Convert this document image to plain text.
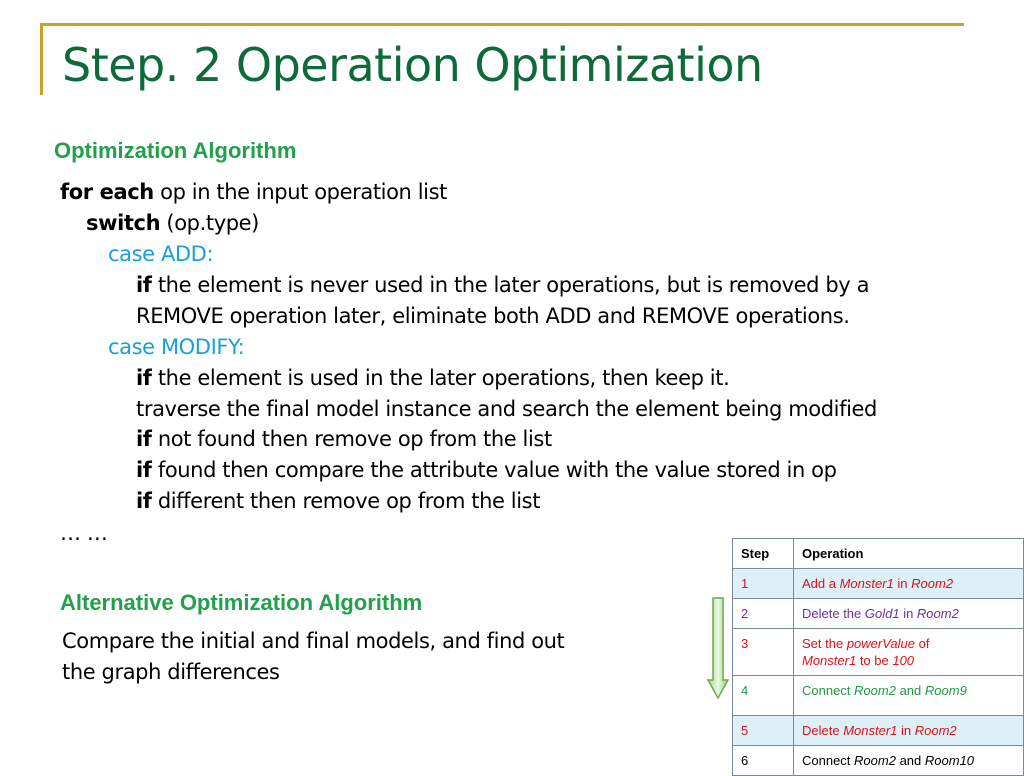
Step. 2 Operation Optimization
Optimization Algorithm
for each op in the input operation list
switch (op.type)
case ADD:
if the element is never used in the later operations, but is removed by a
REMOVE operation later, eliminate both ADD and REMOVE operations.
case MODIFY:
if the element is used in the later operations, then keep it.
traverse the final model instance and search the element being modified
if not found then remove op from the list
if found then compare the attribute value with the value stored in op
if different then remove op from the list
… …
Alternative Optimization Algorithm
Compare the initial and final models, and find out the graph differences
Step	Operation
1	Add a Monster1 in Room2
2	Delete the Gold1 in Room2
3	Set the powerValue of
Monster1 to be 100
4	Connect Room2 and Room9
5	Delete Monster1 in Room2
6	Connect Room2 and Room10
